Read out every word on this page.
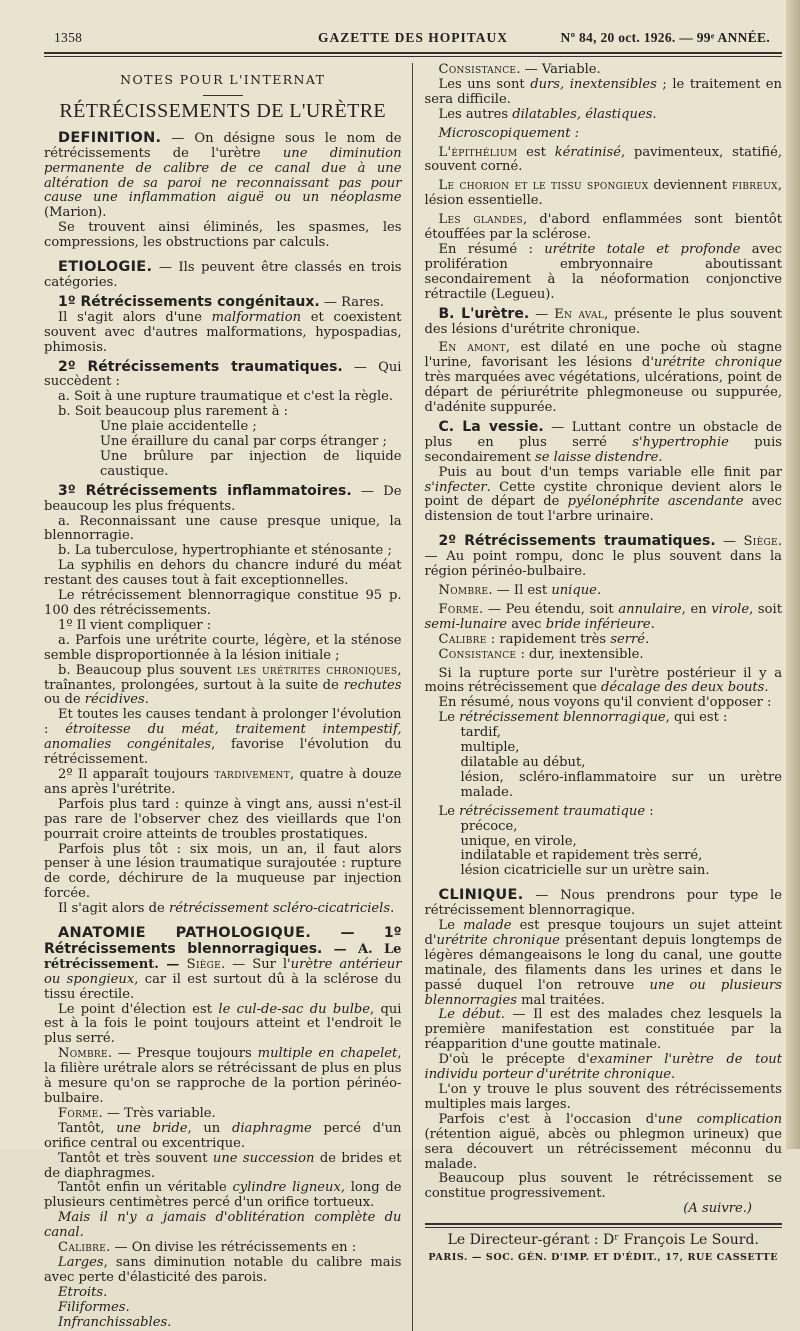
1358	GAZETTE DES HOPITAUX	Nº 84, 20 oct. 1926. — 99ᵉ ANNÉE.
NOTES POUR L'INTERNAT
RÉTRÉCISSEMENTS DE L'URÈTRE

DEFINITION. — On désigne sous le nom de rétrécissements de l'urètre une diminution permanente de calibre de ce canal due à une altération de sa paroi ne reconnaissant pas pour cause une inflammation aiguë ou un néoplasme (Marion).

Se trouvent ainsi éliminés, les spasmes, les compressions, les obstructions par calculs.

ETIOLOGIE. — Ils peuvent être classés en trois catégories.

1º Rétrécissements congénitaux. — Rares.

Il s'agit alors d'une malformation et coexistent souvent avec d'autres malformations, hypospadias, phimosis.

2º Rétrécissements traumatiques. — Qui succèdent :

a. Soit à une rupture traumatique et c'est la règle.

b. Soit beaucoup plus rarement à :

Une plaie accidentelle ;

Une éraillure du canal par corps étranger ;

Une brûlure par injection de liquide caustique.

3º Rétrécissements inflammatoires. — De beaucoup les plus fréquents.

a. Reconnaissant une cause presque unique, la blennorragie.

b. La tuberculose, hypertrophiante et sténosante ;

La syphilis en dehors du chancre induré du méat restant des causes tout à fait exceptionnelles.

Le rétrécissement blennorragique constitue 95 p. 100 des rétrécissements.

1º Il vient compliquer :

a. Parfois une urétrite courte, légère, et la sténose semble disproportionnée à la lésion initiale ;

b. Beaucoup plus souvent les urétrites chroniques, traînantes, prolongées, surtout à la suite de rechutes ou de récidives.

Et toutes les causes tendant à prolonger l'évolution : étroitesse du méat, traitement intempestif, anomalies congénitales, favorise l'évolution du rétrécissement.

2º Il apparaît toujours tardivement, quatre à douze ans après l'urétrite.

Parfois plus tard : quinze à vingt ans, aussi n'est-il pas rare de l'observer chez des vieillards que l'on pourrait croire atteints de troubles prostatiques.

Parfois plus tôt : six mois, un an, il faut alors penser à une lésion traumatique surajoutée : rupture de corde, déchirure de la muqueuse par injection forcée.

Il s'agit alors de rétrécissement scléro-cicatriciels.

ANATOMIE PATHOLOGIQUE. — 1º Rétrécissements blennorragiques. — A. Le rétrécissement. — Siège. — Sur l'urètre antérieur ou spongieux, car il est surtout dû à la sclérose du tissu érectile.

Le point d'élection est le cul-de-sac du bulbe, qui est à la fois le point toujours atteint et l'endroit le plus serré.

Nombre. — Presque toujours multiple en chapelet, la filière urétrale alors se rétrécissant de plus en plus à mesure qu'on se rapproche de la portion périnéo-bulbaire.

Forme. — Très variable.

Tantôt, une bride, un diaphragme percé d'un orifice central ou excentrique.

Tantôt et très souvent une succession de brides et de diaphragmes.

Tantôt enfin un véritable cylindre ligneux, long de plusieurs centimètres percé d'un orifice tortueux.

Mais il n'y a jamais d'oblitération complète du canal.

Calibre. — On divise les rétrécissements en :

Larges, sans diminution notable du calibre mais avec perte d'élasticité des parois.

Etroits.

Filiformes.

Infranchissables.

Consistance. — Variable.

Les uns sont durs, inextensibles ; le traitement en sera difficile.

Les autres dilatables, élastiques.

Microscopiquement :

L'épithélium est kératinisé, pavimenteux, statifié, souvent corné.

Le chorion et le tissu spongieux deviennent fibreux, lésion essentielle.

Les glandes, d'abord enflammées sont bientôt étouffées par la sclérose.

En résumé : urétrite totale et profonde avec prolifération embryonnaire aboutissant secondairement à la néoformation conjonctive rétractile (Legueu).

B. L'urètre. — En aval, présente le plus souvent des lésions d'urétrite chronique.

En amont, est dilaté en une poche où stagne l'urine, favorisant les lésions d'urétrite chronique très marquées avec végétations, ulcérations, point de départ de périurétrite phlegmoneuse ou suppurée, d'adénite suppurée.

C. La vessie. — Luttant contre un obstacle de plus en plus serré s'hypertrophie puis secondairement se laisse distendre.

Puis au bout d'un temps variable elle finit par s'infecter. Cette cystite chronique devient alors le point de départ de pyélonéphrite ascendante avec distension de tout l'arbre urinaire.

2º Rétrécissements traumatiques. — Siège. — Au point rompu, donc le plus souvent dans la région périnéo-bulbaire.

Nombre. — Il est unique.

Forme. — Peu étendu, soit annulaire, en virole, soit semi-lunaire avec bride inférieure.

Calibre : rapidement très serré.

Consistance : dur, inextensible.

Si la rupture porte sur l'urètre postérieur il y a moins rétrécissement que décalage des deux bouts.

En résumé, nous voyons qu'il convient d'opposer :

Le rétrécissement blennorragique, qui est :

tardif,

multiple,

dilatable au début,

lésion, scléro-inflammatoire sur un urètre malade.

Le rétrécissement traumatique :

précoce,

unique, en virole,

indilatable et rapidement très serré,

lésion cicatricielle sur un urètre sain.

CLINIQUE. — Nous prendrons pour type le rétrécissement blennorragique.

Le malade est presque toujours un sujet atteint d'urétrite chronique présentant depuis longtemps de légères démangeaisons le long du canal, une goutte matinale, des filaments dans les urines et dans le passé duquel l'on retrouve une ou plusieurs blennorragies mal traitées.

Le début. — Il est des malades chez lesquels la première manifestation est constituée par la réapparition d'une goutte matinale.

D'où le précepte d'examiner l'urètre de tout individu porteur d'urétrite chronique.

L'on y trouve le plus souvent des rétrécissements multiples mais larges.

Parfois c'est à l'occasion d'une complication (rétention aiguë, abcès ou phlegmon urineux) que sera découvert un rétrécissement méconnu du malade.

Beaucoup plus souvent le rétrécissement se constitue progressivement.

(A suivre.)

Le Directeur-gérant : Dʳ François Le Sourd.
PARIS. — SOC. GÉN. D'IMP. ET D'ÉDIT., 17, RUE CASSETTE
